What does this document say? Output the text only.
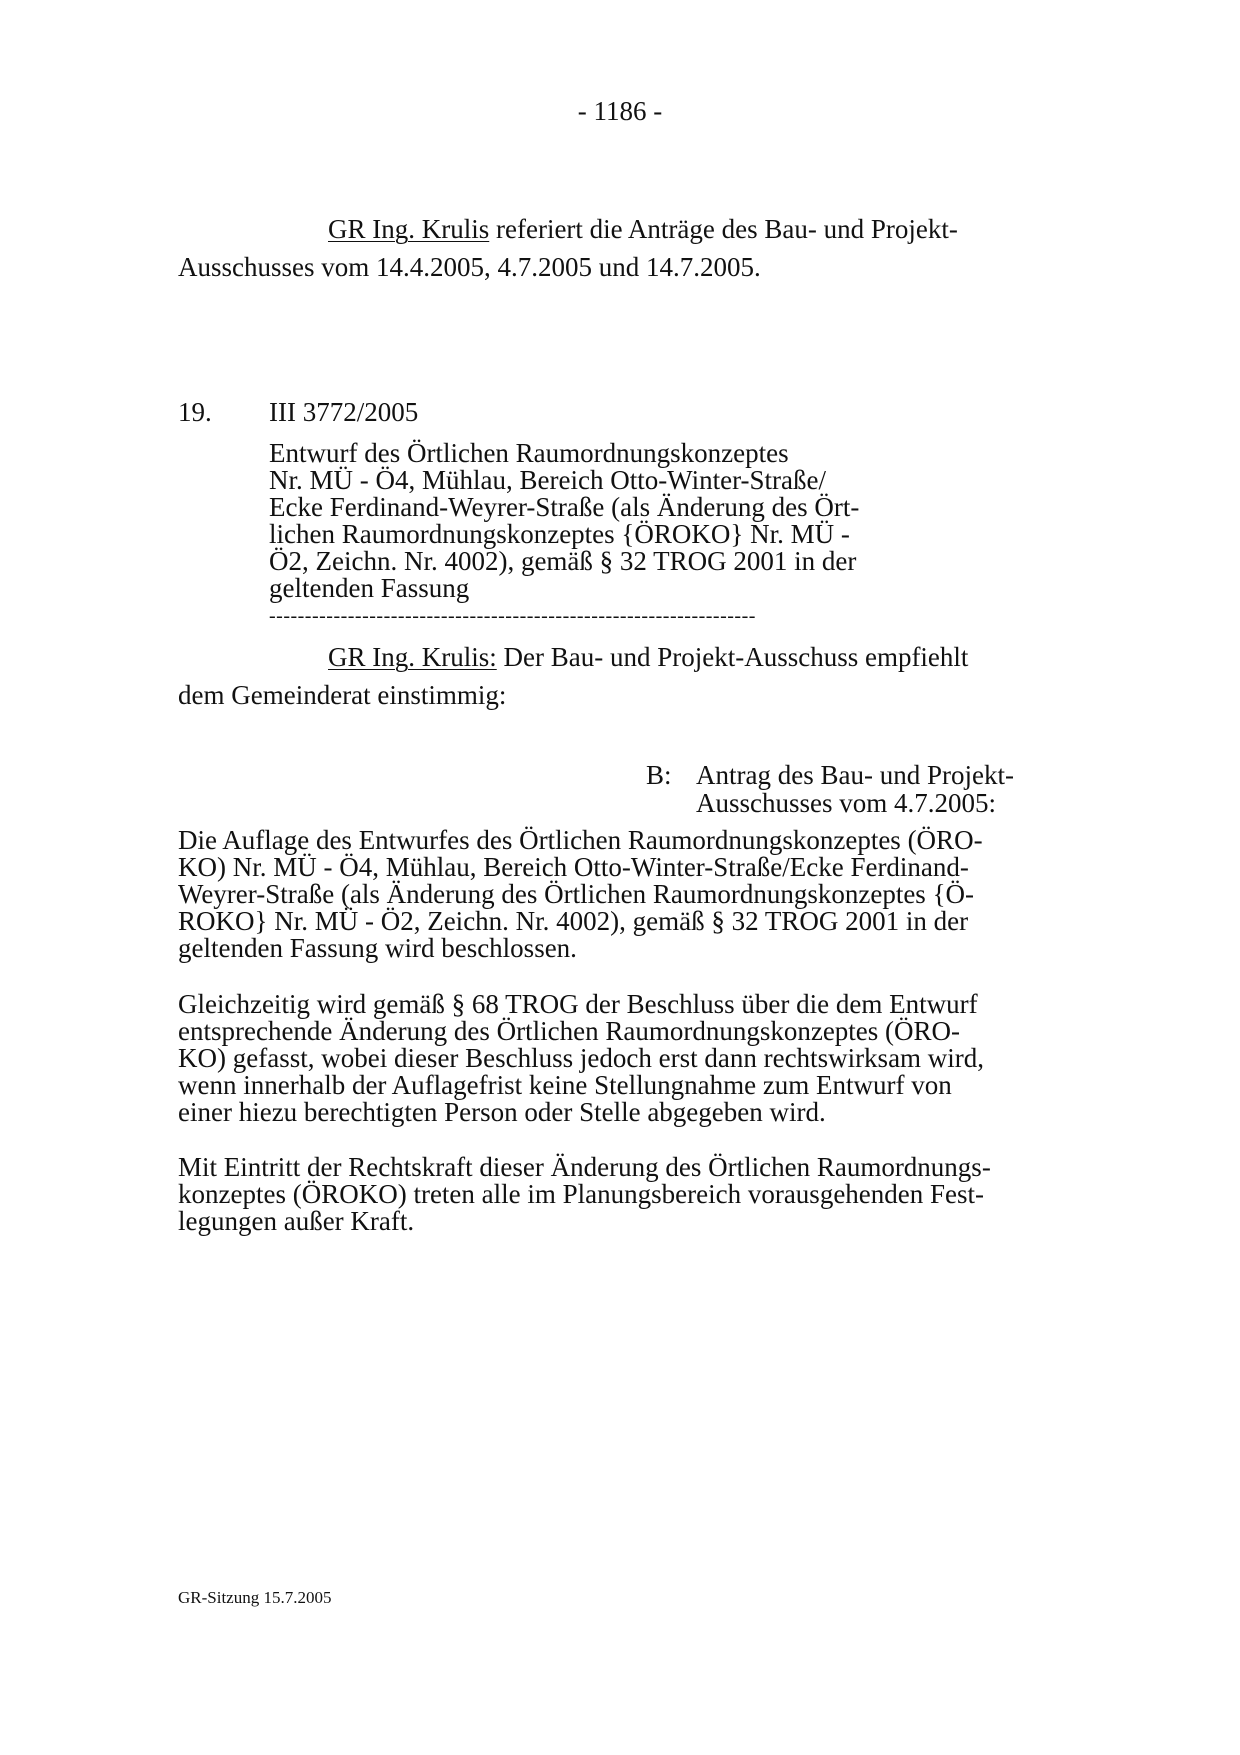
- 1186 -
GR Ing. Krulis referiert die Anträge des Bau- und Projekt-
Ausschusses vom 14.4.2005, 4.7.2005 und 14.7.2005.
19. III 3772/2005
Entwurf des Örtlichen Raumordnungskonzeptes
Nr. MÜ - Ö4, Mühlau, Bereich Otto-Winter-Straße/
Ecke Ferdinand-Weyrer-Straße (als Änderung des Ört-
lichen Raumordnungskonzeptes {ÖROKO} Nr. MÜ -
Ö2, Zeichn. Nr. 4002), gemäß § 32 TROG 2001 in der
geltenden Fassung
--------------------------------------------------------------------
GR Ing. Krulis: Der Bau- und Projekt-Ausschuss empfiehlt
dem Gemeinderat einstimmig:
B: Antrag des Bau- und Projekt-
Ausschusses vom 4.7.2005:
Die Auflage des Entwurfes des Örtlichen Raumordnungskonzeptes (ÖRO-
KO) Nr. MÜ - Ö4, Mühlau, Bereich Otto-Winter-Straße/Ecke Ferdinand-
Weyrer-Straße (als Änderung des Örtlichen Raumordnungskonzeptes {Ö-
ROKO} Nr. MÜ - Ö2, Zeichn. Nr. 4002), gemäß § 32 TROG 2001 in der
geltenden Fassung wird beschlossen.
Gleichzeitig wird gemäß § 68 TROG der Beschluss über die dem Entwurf
entsprechende Änderung des Örtlichen Raumordnungskonzeptes (ÖRO-
KO) gefasst, wobei dieser Beschluss jedoch erst dann rechtswirksam wird,
wenn innerhalb der Auflagefrist keine Stellungnahme zum Entwurf von
einer hiezu berechtigten Person oder Stelle abgegeben wird.
Mit Eintritt der Rechtskraft dieser Änderung des Örtlichen Raumordnungs-
konzeptes (ÖROKO) treten alle im Planungsbereich vorausgehenden Fest-
legungen außer Kraft.
GR-Sitzung 15.7.2005
